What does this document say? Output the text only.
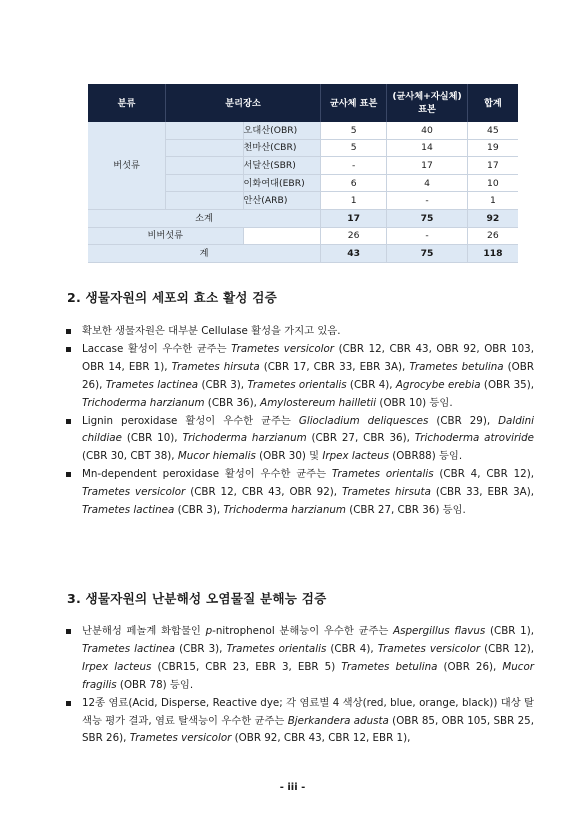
분류	분리장소		균사체 표본	(균사체+자실체) 표본	합계
버섯류		오대산(OBR)	5	40	45
		천마산(CBR)	5	14	19
		서달산(SBR)	-	17	17
		이화여대(EBR)	6	4	10
		안산(ARB)	1	-	1
소계			17	75	92
비버섯류			26	-	26
계			43	75	118
2. 생물자원의 세포외 효소 활성 검증
확보한 생물자원은 대부분 Cellulase 활성을 가지고 있음.
Laccase 활성이 우수한 균주는 Trametes versicolor (CBR 12, CBR 43, OBR 92, OBR 103, OBR 14, EBR 1), Trametes hirsuta (CBR 17, CBR 33, EBR 3A), Trametes betulina (OBR 26), Trametes lactinea (CBR 3), Trametes orientalis (CBR 4), Agrocybe erebia (OBR 35), Trichoderma harzianum (CBR 36), Amylostereum hailletii (OBR 10) 등임.
Lignin peroxidase 활성이 우수한 균주는 Gliocladium deliquesces (CBR 29), Daldini childiae (CBR 10), Trichoderma harzianum (CBR 27, CBR 36), Trichoderma atroviride (CBR 30, CBT 38), Mucor hiemalis (OBR 30) 및 Irpex lacteus (OBR88) 등임.
Mn-dependent peroxidase 활성이 우수한 균주는 Trametes orientalis (CBR 4, CBR 12), Trametes versicolor (CBR 12, CBR 43, OBR 92), Trametes hirsuta (CBR 33, EBR 3A), Trametes lactinea (CBR 3), Trichoderma harzianum (CBR 27, CBR 36) 등임.
3. 생물자원의 난분해성 오염물질 분해능 검증
난분해성 페놀계 화합물인 p-nitrophenol 분해능이 우수한 균주는 Aspergillus flavus (CBR 1), Trametes lactinea (CBR 3), Trametes orientalis (CBR 4), Trametes versicolor (CBR 12), Irpex lacteus (CBR15, CBR 23, EBR 3, EBR 5) Trametes betulina (OBR 26), Mucor fragilis (OBR 78) 등임.
12종 염료(Acid, Disperse, Reactive dye; 각 염료별 4 색상(red, blue, orange, black)) 대상 탈색능 평가 결과, 염료 탈색능이 우수한 균주는 Bjerkandera adusta (OBR 85, OBR 105, SBR 25, SBR 26), Trametes versicolor (OBR 92, CBR 43, CBR 12, EBR 1),
- iii -
